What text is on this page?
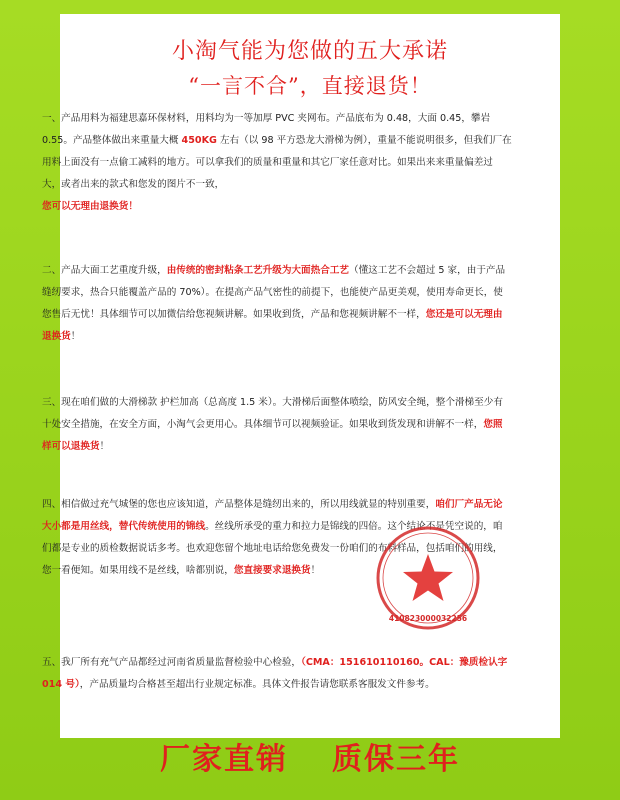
小淘气能为您做的五大承诺
“一言不合”，直接退货！

一、产品用料为福建思嘉环保材料，用料均为一等加厚 PVC 夹网布。产品底布为 0.48，大面 0.45，攀岩 0.55。产品整体做出来重量大概 450KG 左右（以 98 平方恐龙大滑梯为例），重量不能说明很多，但我们厂在用料上面没有一点偷工减料的地方。可以拿我们的质量和重量和其它厂家任意对比。如果出来来重量偏差过大，或者出来的款式和您发的图片不一致，
您可以无理由退换货！

二、产品大面工艺重度升级，由传统的密封粘条工艺升级为大面热合工艺（懂这工艺不会超过 5 家，由于产品缝纫要求，热合只能覆盖产品的 70%）。在提高产品气密性的前提下，也能使产品更美观，使用寿命更长，使您售后无忧！具体细节可以加微信给您视频讲解。如果收到货，产品和您视频讲解不一样，您还是可以无理由退换货！

三、现在咱们做的大滑梯款 护栏加高（总高度 1.5 米）。大滑梯后面整体喷绘，防风安全绳，整个滑梯至少有十处安全措施，在安全方面，小淘气会更用心。具体细节可以视频验证。如果收到货发现和讲解不一样，您照样可以退换货！

四、相信做过充气城堡的您也应该知道，产品整体是缝纫出来的，所以用线就显的特别重要，咱们厂产品无论大小都是用丝线，替代传统使用的锦线。丝线所承受的重力和拉力是锦线的四倍。这个结论不是凭空说的，咱们都是专业的质检数据说话多考。也欢迎您留个地址电话给您免费发一份咱们的布料样品，包括咱们的用线，您一看便知。如果用线不是丝线，啥都别说，您直接要求退换货！

五、我厂所有充气产品都经过河南省质量监督检验中心检验，（CMA：151610110160。CAL：豫质检认字 014 号），产品质量均合格甚至超出行业规定标准。具体文件报告请您联系客服发文件参考。

410823000032256
厂家直销 质保三年
